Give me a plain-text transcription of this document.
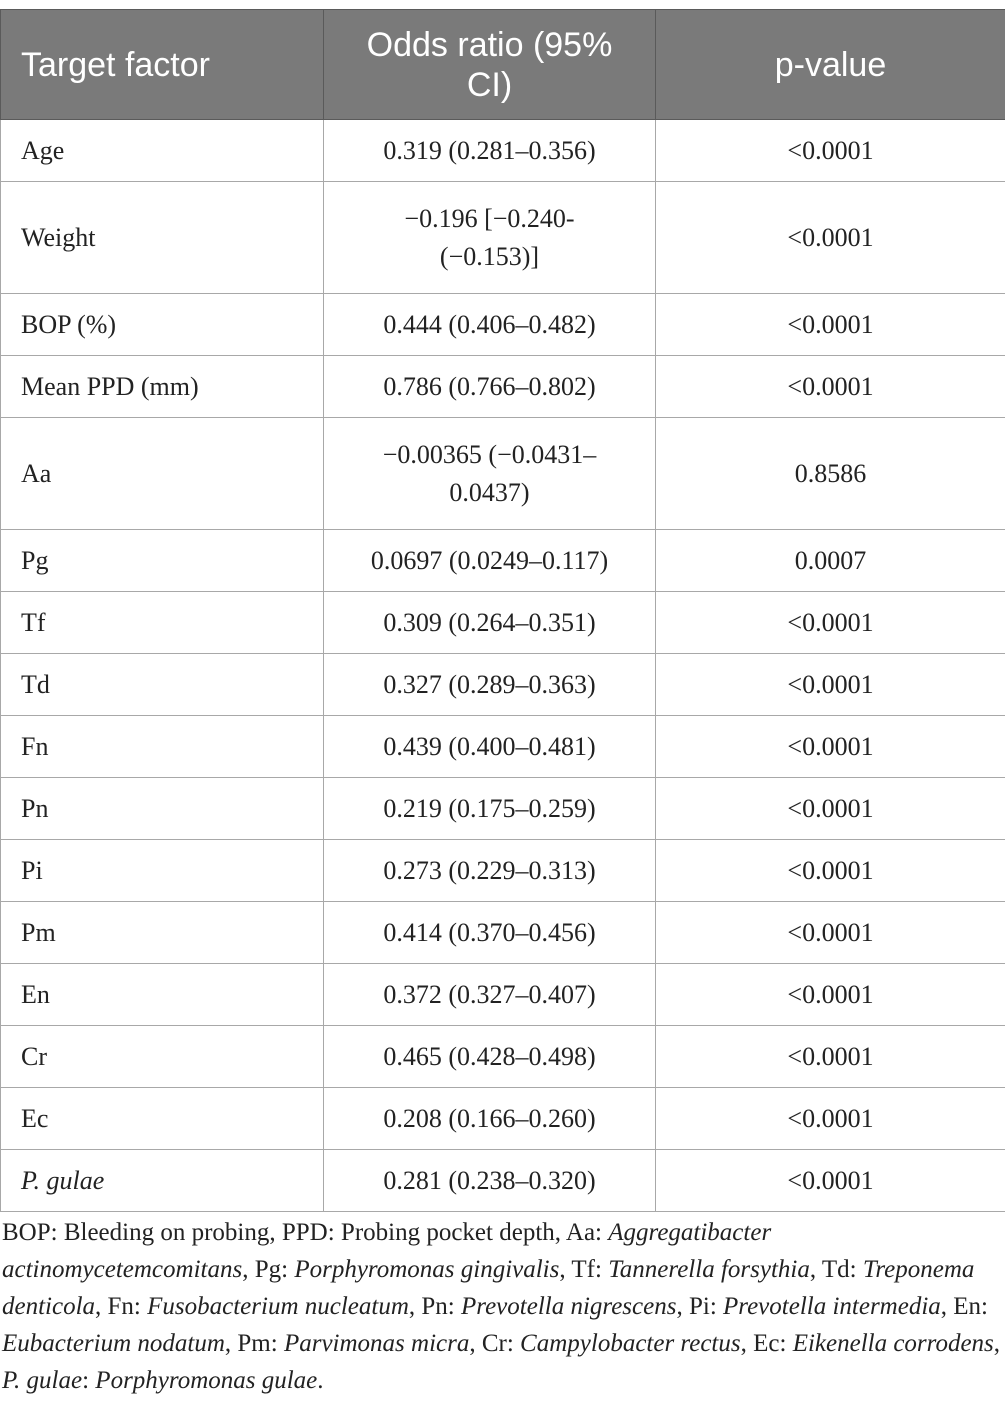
Target factor	Odds ratio (95% CI)	p-value
Age	0.319 (0.281–0.356)	<0.0001
Weight	−0.196 [−0.240-(−0.153)]	<0.0001
BOP (%)	0.444 (0.406–0.482)	<0.0001
Mean PPD (mm)	0.786 (0.766–0.802)	<0.0001
Aa	−0.00365 (−0.0431–0.0437)	0.8586
Pg	0.0697 (0.0249–0.117)	0.0007
Tf	0.309 (0.264–0.351)	<0.0001
Td	0.327 (0.289–0.363)	<0.0001
Fn	0.439 (0.400–0.481)	<0.0001
Pn	0.219 (0.175–0.259)	<0.0001
Pi	0.273 (0.229–0.313)	<0.0001
Pm	0.414 (0.370–0.456)	<0.0001
En	0.372 (0.327–0.407)	<0.0001
Cr	0.465 (0.428–0.498)	<0.0001
Ec	0.208 (0.166–0.260)	<0.0001
P. gulae	0.281 (0.238–0.320)	<0.0001
BOP: Bleeding on probing, PPD: Probing pocket depth, Aa: Aggregatibacter actinomycetemcomitans, Pg: Porphyromonas gingivalis, Tf: Tannerella forsythia, Td: Treponema denticola, Fn: Fusobacterium nucleatum, Pn: Prevotella nigrescens, Pi: Prevotella intermedia, En: Eubacterium nodatum, Pm: Parvimonas micra, Cr: Campylobacter rectus, Ec: Eikenella corrodens, P. gulae: Porphyromonas gulae.
